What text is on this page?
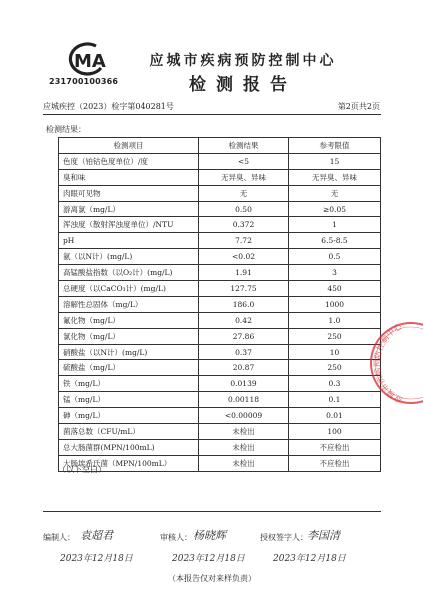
MA
231700100366
应城市疾病预防控制中心
检测报告
应城疾控（2023）检字第040281号	第2页共2页
检测结果：
检测项目	检测结果	参考限值
色度（铂钴色度单位）/度	<5	15
臭和味	无异臭、异味	无异臭、异味
肉眼可见物	无	无
游离氯（mg/L）	0.50	≥0.05
浑浊度（散射浑浊度单位）/NTU	0.372	1
pH	7.72	6.5-8.5
氨（以N计）(mg/L)	<0.02	0.5
高锰酸盐指数（以O₂计）(mg/L)	1.91	3
总硬度（以CaCO₃计）(mg/L)	127.75	450
溶解性总固体（mg/L）	186.0	1000
氟化物（mg/L）	0.42	1.0
氯化物（mg/L）	27.86	250
硝酸盐（以N计）(mg/L)	0.37	10
硫酸盐（mg/L）	20.87	250
铁（mg/L）	0.0139	0.3
锰（mg/L）	0.00118	0.1
砷（mg/L）	<0.00009	0.01
菌落总数（CFU/mL）	未检出	100
总大肠菌群(MPN/100mL)	未检出	不应检出
大肠埃希氏菌（MPN/100mL）	未检出	不应检出
（以下空白）
编制人： 袁超君
2023年12月18日
审核人： 杨晓辉
2023年12月18日
授权签字人： 李国清
2023年12月18日
（本报告仅对来样负责）
应城市疾病预防控制中心
